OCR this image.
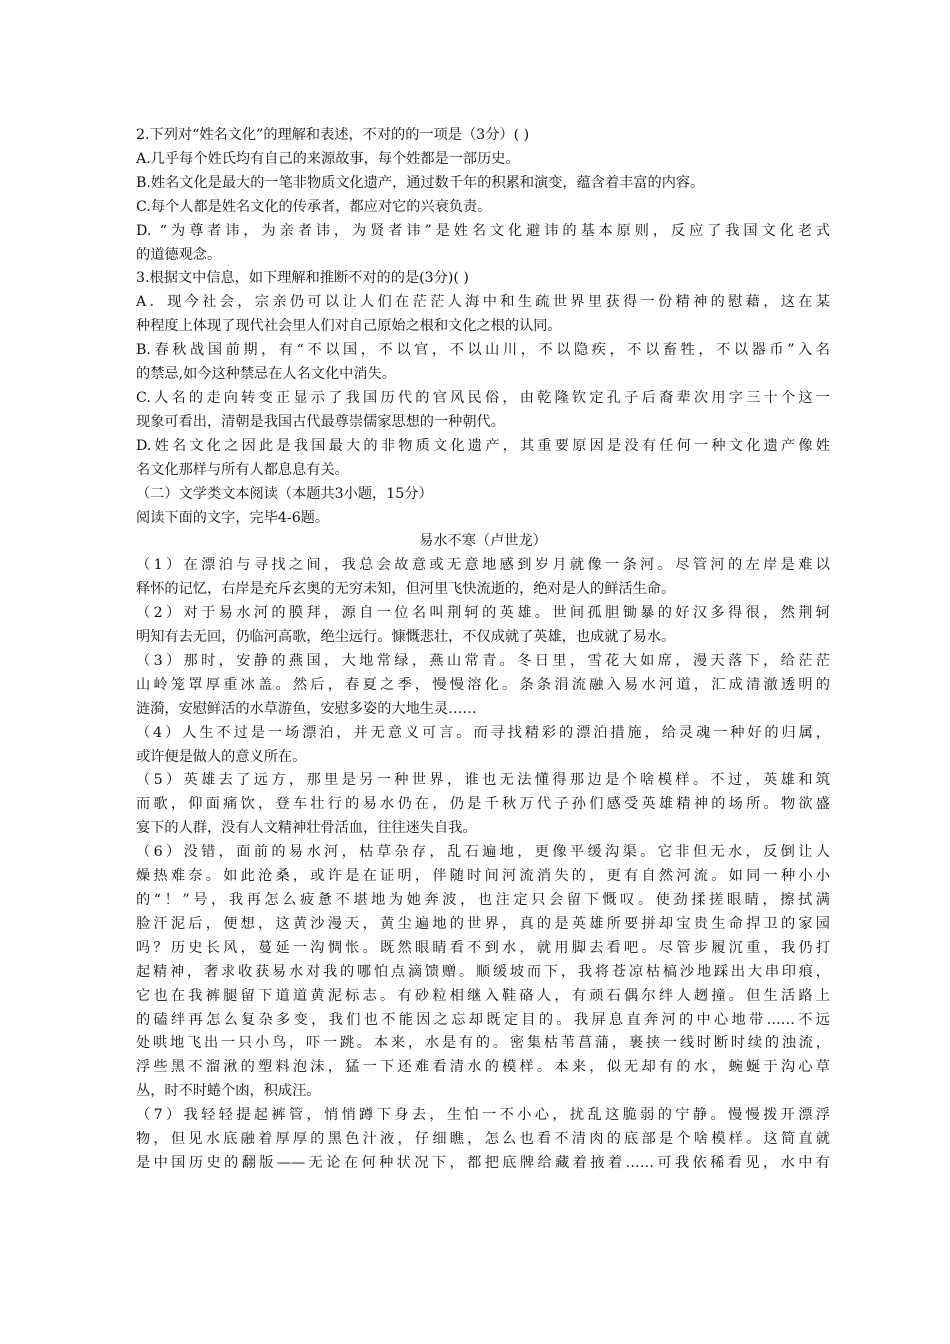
2.下列对“姓名文化”的理解和表述，不对的的一项是（3分）( )
A.几乎每个姓氏均有自己的来源故事，每个姓都是一部历史。
B.姓名文化是最大的一笔非物质文化遗产，通过数千年的积累和演变，蕴含着丰富的内容。
C.每个人都是姓名文化的传承者，都应对它的兴衰负责。
D. “为尊者讳，为亲者讳，为贤者讳”是姓名文化避讳的基本原则，反应了我国文化老式
的道德观念。
3.根据文中信息，如下理解和推断不对的的是(3分)( )
A．现今社会，宗亲仍可以让人们在茫茫人海中和生疏世界里获得一份精神的慰藉，这在某
种程度上体现了现代社会里人们对自己原始之根和文化之根的认同。
B.春秋战国前期，有“不以国，不以官，不以山川，不以隐疾，不以畜牲，不以器币”入名
的禁忌,如今这种禁忌在人名文化中消失。
C.人名的走向转变正显示了我国历代的官风民俗，由乾隆钦定孔子后裔辈次用字三十个这一
现象可看出，清朝是我国古代最尊崇儒家思想的一种朝代。
D.姓名文化之因此是我国最大的非物质文化遗产，其重要原因是没有任何一种文化遗产像姓
名文化那样与所有人都息息有关。
（二）文学类文本阅读（本题共3小题，15分）
阅读下面的文字，完毕4-6题。
易水不寒（卢世龙）
（1）在漂泊与寻找之间，我总会故意或无意地感到岁月就像一条河。尽管河的左岸是难以
释怀的记忆，右岸是充斥玄奥的无穷未知，但河里飞快流逝的，绝对是人的鲜活生命。
（2）对于易水河的膜拜，源自一位名叫荆轲的英雄。世间孤胆锄暴的好汉多得很，然荆轲
明知有去无回，仍临河高歌，绝尘远行。慷慨悲壮，不仅成就了英雄，也成就了易水。
（3）那时，安静的燕国，大地常绿，燕山常青。冬日里，雪花大如席，漫天落下，给茫茫
山岭笼罩厚重冰盖。然后，春夏之季，慢慢溶化。条条涓流融入易水河道，汇成清澈透明的
涟漪，安慰鲜活的水草游鱼，安慰多姿的大地生灵……
（4）人生不过是一场漂泊，并无意义可言。而寻找精彩的漂泊措施，给灵魂一种好的归属，
或许便是做人的意义所在。
（5）英雄去了远方，那里是另一种世界，谁也无法懂得那边是个啥模样。不过，英雄和筑
而歌，仰面痛饮，登车壮行的易水仍在，仍是千秋万代子孙们感受英雄精神的场所。物欲盛
宴下的人群，没有人文精神壮骨活血，往往迷失自我。
（6）没错，面前的易水河，枯草杂存，乱石遍地，更像平缓沟渠。它非但无水，反倒让人
燥热难奈。如此沧桑，或许是在证明，伴随时间河流消失的，更有自然河流。如同一种小小
的“！”号，我再怎么疲惫不堪地为她奔波，也注定只会留下慨叹。使劲揉搓眼睛，擦拭满
脸汗泥后，便想，这黄沙漫天，黄尘遍地的世界，真的是英雄所要拼却宝贵生命捍卫的家园
吗？历史长风，蔓延一沟惆怅。既然眼睛看不到水，就用脚去看吧。尽管步履沉重，我仍打
起精神，奢求收获易水对我的哪怕点滴馈赠。顺缓坡而下，我将苍凉枯槁沙地踩出大串印痕，
它也在我裤腿留下道道黄泥标志。有砂粒相继入鞋硌人，有顽石偶尔绊人趔撞。但生活路上
的磕绊再怎么复杂多变，我们也不能因之忘却既定目的。我屏息直奔河的中心地带……不远
处哄地飞出一只小鸟，吓一跳。本来，水是有的。密集枯苇菖蒲，裹挟一线时断时续的浊流，
浮些黑不溜湫的塑料泡沫，猛一下还难看清水的模样。本来，似无却有的水，蜿蜒于沟心草
丛，时不时蜷个凼，积成汪。
（7）我轻轻提起裤管，悄悄蹲下身去，生怕一不小心，扰乱这脆弱的宁静。慢慢拨开漂浮
物，但见水底融着厚厚的黑色汁液，仔细瞧，怎么也看不清肉的底部是个啥模样。这简直就
是中国历史的翻版——无论在何种状况下，都把底牌给藏着掖着……可我依稀看见，水中有
